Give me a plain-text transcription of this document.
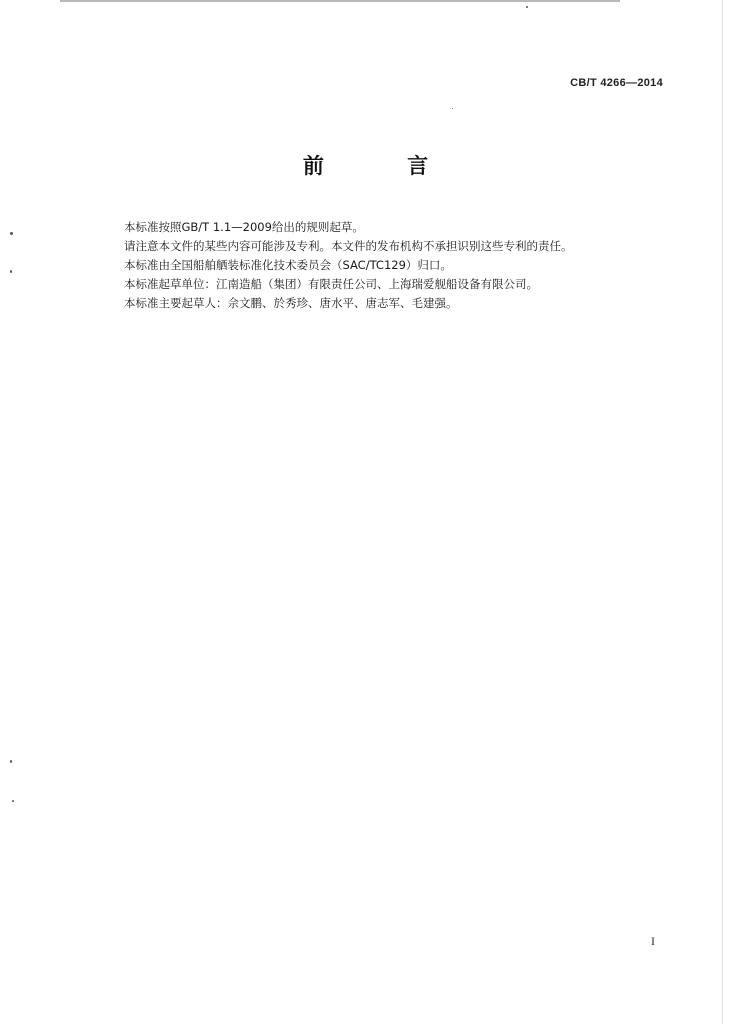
CB/T 4266—2014
前 言
本标准按照GB/T 1.1—2009给出的规则起草。
请注意本文件的某些内容可能涉及专利。本文件的发布机构不承担识别这些专利的责任。
本标准由全国船舶舾装标准化技术委员会（SAC/TC129）归口。
本标准起草单位：江南造船（集团）有限责任公司、上海瑞爱舰船设备有限公司。
本标准主要起草人：佘文鹏、於秀珍、唐水平、唐志军、毛建强。
I
